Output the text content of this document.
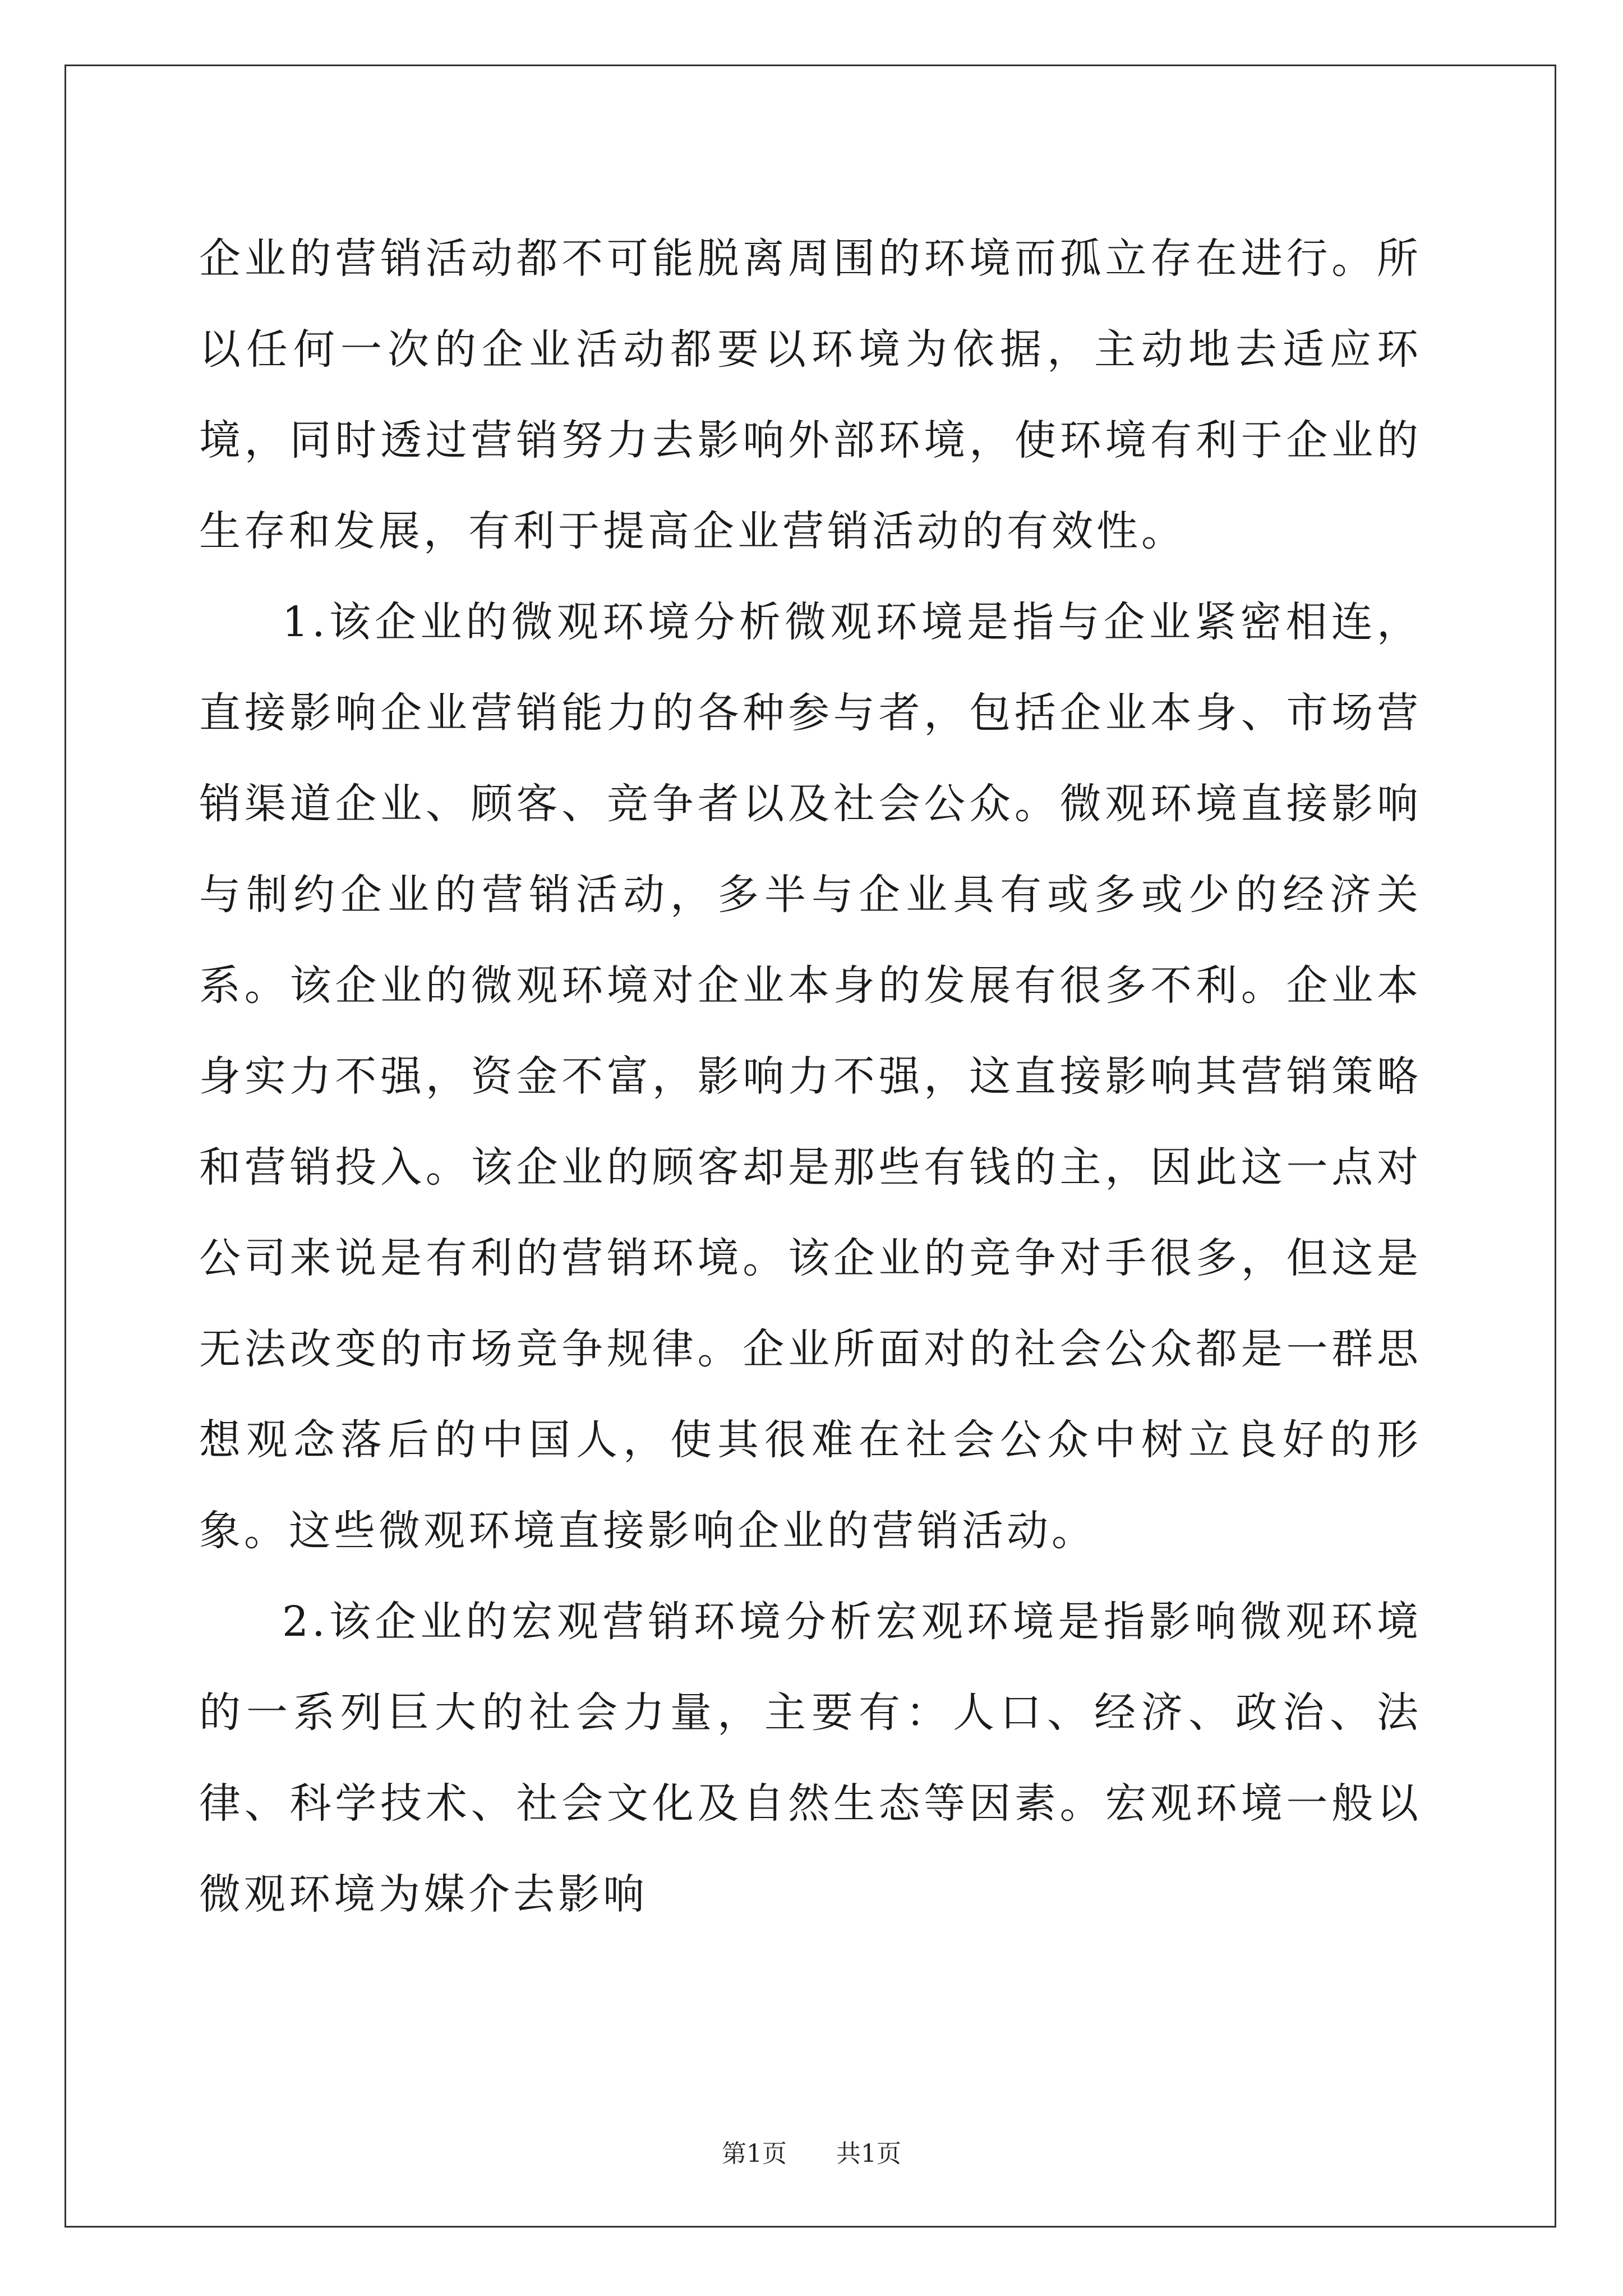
企业的营销活动都不可能脱离周围的环境而孤立存在进行。所以任何一次的企业活动都要以环境为依据，主动地去适应环境，同时透过营销努力去影响外部环境，使环境有利于企业的生存和发展，有利于提高企业营销活动的有效性。

1.该企业的微观环境分析微观环境是指与企业紧密相连，直接影响企业营销能力的各种参与者，包括企业本身、市场营销渠道企业、顾客、竞争者以及社会公众。微观环境直接影响与制约企业的营销活动，多半与企业具有或多或少的经济关系。该企业的微观环境对企业本身的发展有很多不利。企业本身实力不强，资金不富，影响力不强，这直接影响其营销策略和营销投入。该企业的顾客却是那些有钱的主，因此这一点对公司来说是有利的营销环境。该企业的竞争对手很多，但这是无法改变的市场竞争规律。企业所面对的社会公众都是一群思想观念落后的中国人，使其很难在社会公众中树立良好的形象。这些微观环境直接影响企业的营销活动。

2.该企业的宏观营销环境分析宏观环境是指影响微观环境的一系列巨大的社会力量，主要有：人口、经济、政治、法律、科学技术、社会文化及自然生态等因素。宏观环境一般以微观环境为媒介去影响

第1页 共1页
